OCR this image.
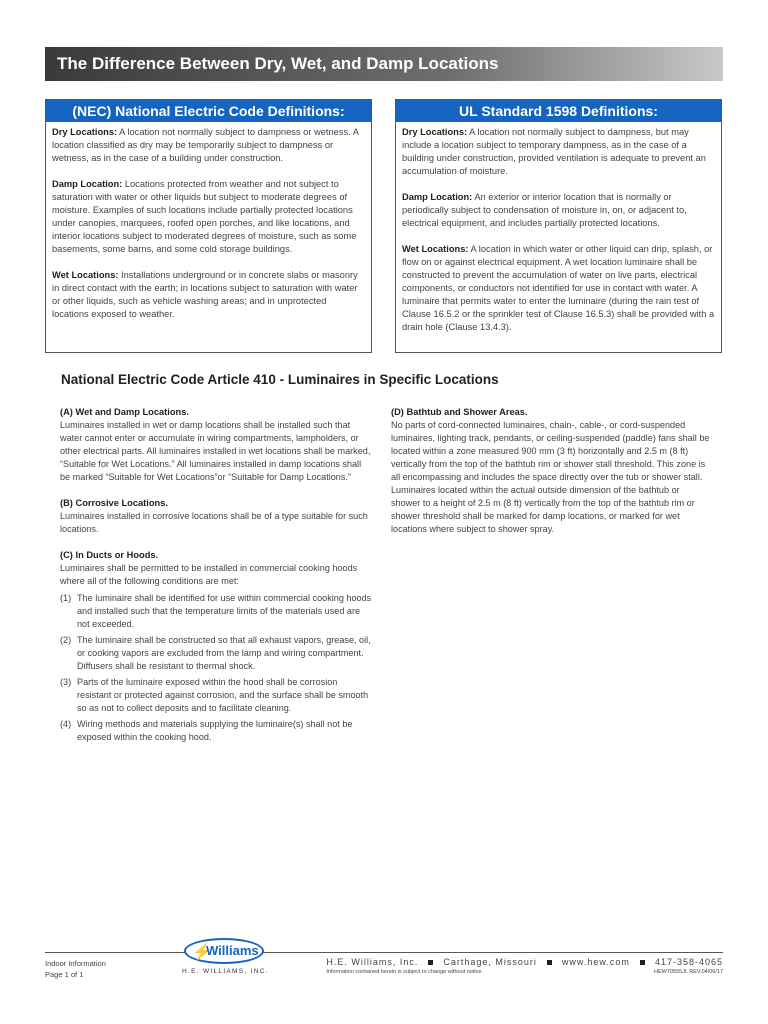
The Difference Between Dry, Wet, and Damp Locations
(NEC) National Electric Code Definitions:

Dry Locations: A location not normally subject to dampness or wetness. A location classified as dry may be temporarily subject to dampness or wetness, as in the case of a building under construction.

Damp Location: Locations protected from weather and not subject to saturation with water or other liquids but subject to moderate degrees of moisture. Examples of such locations include partially protected locations under canopies, marquees, roofed open porches, and like locations, and interior locations subject to moderated degrees of moisture, such as some basements, some barns, and some cold storage buildings.

Wet Locations: Installations underground or in concrete slabs or masonry in direct contact with the earth; in locations subject to saturation with water or other liquids, such as vehicle washing areas; and in unprotected locations exposed to weather.

UL Standard 1598 Definitions:

Dry Locations: A location not normally subject to dampness, but may include a location subject to temporary dampness, as in the case of a building under construction, provided ventilation is adequate to prevent an accumulation of moisture.

Damp Location: An exterior or interior location that is normally or periodically subject to condensation of moisture in, on, or adjacent to, electrical equipment, and includes partially protected locations.

Wet Locations: A location in which water or other liquid can drip, splash, or flow on or against electrical equipment. A wet location luminaire shall be constructed to prevent the accumulation of water on live parts, electrical components, or conductors not identified for use in contact with water. A luminaire that permits water to enter the luminaire (during the rain test of Clause 16.5.2 or the sprinkler test of Clause 16.5.3) shall be provided with a drain hole (Clause 13.4.3).

National Electric Code Article 410 - Luminaires in Specific Locations
(A) Wet and Damp Locations.

Luminaires installed in wet or damp locations shall be installed such that water cannot enter or accumulate in wiring compartments, lampholders, or other electrical parts. All luminaires installed in wet locations shall be marked, “Suitable for Wet Locations.” All luminaires installed in damp locations shall be marked “Suitable for Wet Locations”or “Suitable for Damp Locations.”

(B) Corrosive Locations.

Luminaires installed in corrosive locations shall be of a type suitable for such locations.

(C) In Ducts or Hoods.

Luminaires shall be permitted to be installed in commercial cooking hoods where all of the following conditions are met:

(1) The luminaire shall be identified for use within commercial cooking hoods and installed such that the temperature limits of the materials used are not exceeded.
(2) The luminaire shall be constructed so that all exhaust vapors, grease, oil, or cooking vapors are excluded from the lamp and wiring compartment. Diffusers shall be resistant to thermal shock.
(3) Parts of the luminaire exposed within the hood shall be corrosion resistant or protected against corrosion, and the surface shall be smooth so as not to collect deposits and to facilitate cleaning.
(4) Wiring methods and materials supplying the luminaire(s) shall not be exposed within the cooking hood.
(D) Bathtub and Shower Areas.

No parts of cord-connected luminaires, chain-, cable-, or cord-suspended luminaires, lighting track, pendants, or ceiling-suspended (paddle) fans shall be located within a zone measured 900 mm (3 ft) horizontally and 2.5 m (8 ft) vertically from the top of the bathtub rim or shower stall threshold. This zone is all encompassing and includes the space directly over the tub or shower stall. Luminaires located within the actual outside dimension of the bathtub or shower to a height of 2.5 m (8 ft) vertically from the top of the bathtub rim or shower threshold shall be marked for damp locations, or marked for wet locations where subject to shower spray.

Indoor Information
Page 1 of 1
⚡
Williams
H.E. WILLIAMS, INC.
H.E. Williams, Inc.	Carthage, Missouri	www.hew.com	417-358-4065
Information contained herein is subject to change without notice.	HEW70555JL REV.04/06/17
